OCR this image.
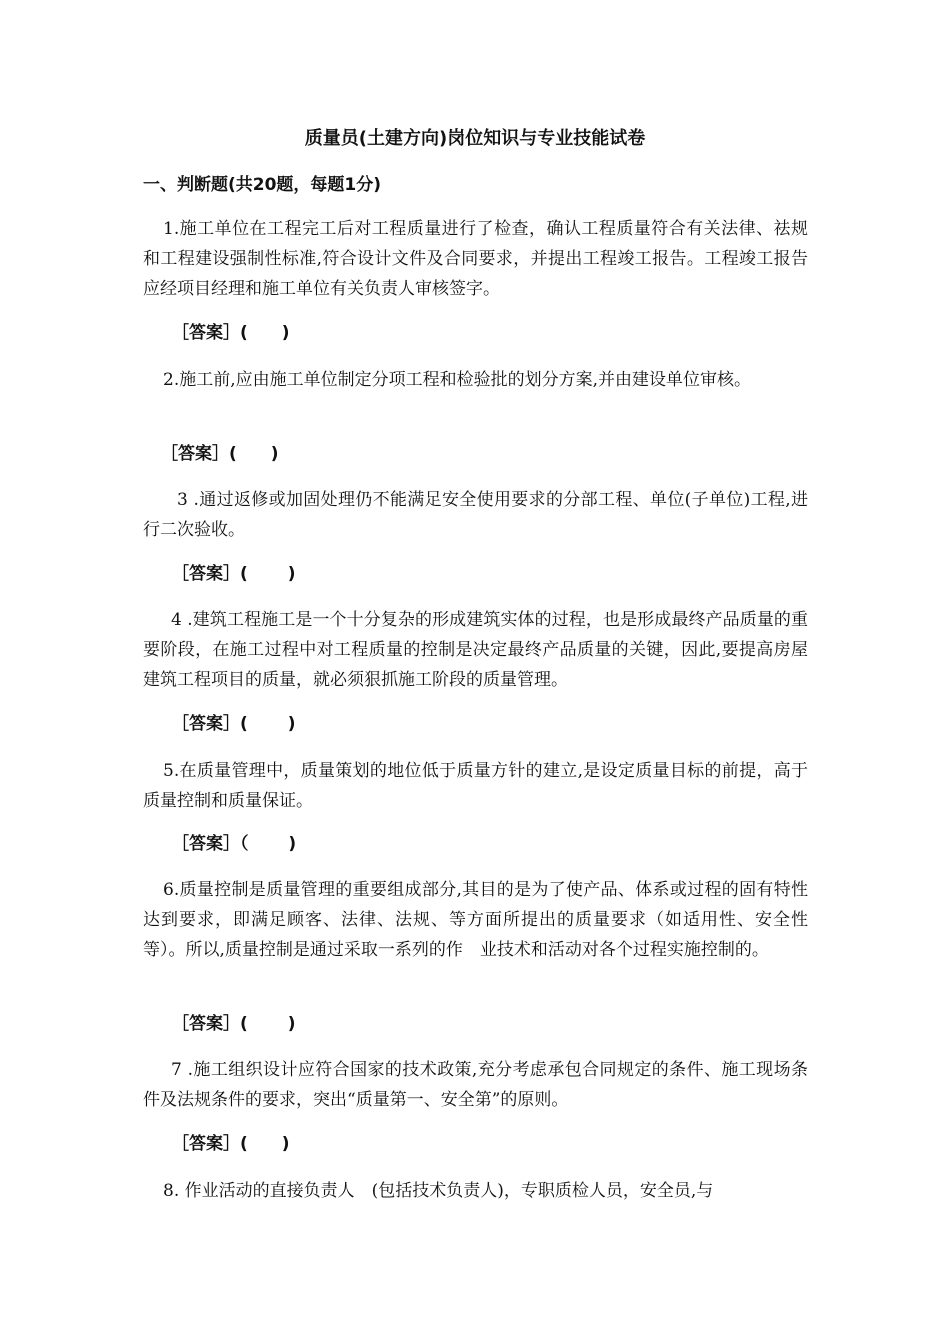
质量员(土建方向)岗位知识与专业技能试卷
一、判断题(共20题，每题1分)

1.施工单位在工程完工后对工程质量进行了检查，确认工程质量符合有关法律、祛规和工程建设强制性标准,符合设计文件及合同要求，并提出工程竣工报告。工程竣工报告应经项目经理和施工单位有关负责人审核签字。

［答案］(　　)

2.施工前,应由施工单位制定分项工程和检验批的划分方案,并由建设单位审核。

［答案］(　　)

3 .通过返修或加固处理仍不能满足安全使用要求的分部工程、单位(子单位)工程,进行二次验收。

［答案］(　　 )

4 .建筑工程施工是一个十分复杂的形成建筑实体的过程，也是形成最终产品质量的重要阶段，在施工过程中对工程质量的控制是决定最终产品质量的关键，因此,要提高房屋建筑工程项目的质量，就必须狠抓施工阶段的质量管理。

［答案］(　　 )

5.在质量管理中，质量策划的地位低于质量方针的建立,是设定质量目标的前提，高于质量控制和质量保证。

［答案］（　　 )

6.质量控制是质量管理的重要组成部分,其目的是为了使产品、体系或过程的固有特性达到要求，即满足顾客、法律、法规、等方面所提出的质量要求（如适用性、安全性等）。所以,质量控制是通过采取一系列的作　业技术和活动对各个过程实施控制的。

［答案］(　　 )

7 .施工组织设计应符合国家的技术政策,充分考虑承包合同规定的条件、施工现场条件及法规条件的要求，突出“质量第一、安全第”的原则。

［答案］(　　)

8. 作业活动的直接负责人　(包括技术负责人)，专职质检人员，安全员,与
